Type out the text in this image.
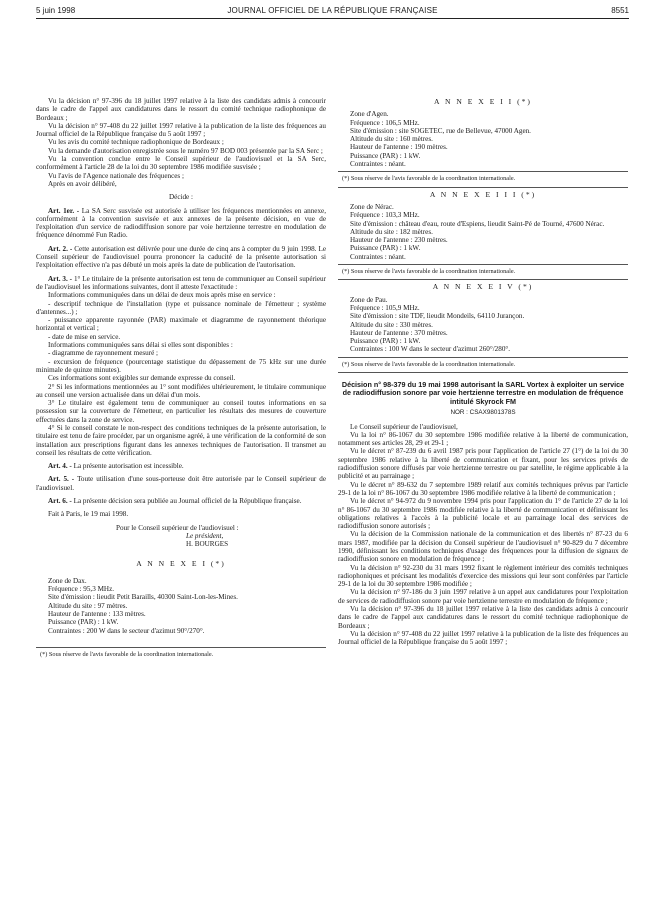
5 juin 1998	JOURNAL OFFICIEL DE LA RÉPUBLIQUE FRANÇAISE	8551

Vu la décision n° 97-396 du 18 juillet 1997 relative à la liste des candidats admis à concourir dans le cadre de l'appel aux candidatures dans le ressort du comité technique radiophonique de Bordeaux ;

Vu la décision n° 97-408 du 22 juillet 1997 relative à la publication de la liste des fréquences au Journal officiel de la République française du 5 août 1997 ;

Vu les avis du comité technique radiophonique de Bordeaux ;

Vu la demande d'autorisation enregistrée sous le numéro 97 BOD 003 présentée par la SA Serc ;

Vu la convention conclue entre le Conseil supérieur de l'audiovisuel et la SA Serc, conformément à l'article 28 de la loi du 30 septembre 1986 modifiée susvisée ;

Vu l'avis de l'Agence nationale des fréquences ;

Après en avoir délibéré,

Décide :

Art. 1er. - La SA Serc susvisée est autorisée à utiliser les fréquences mentionnées en annexe, conformément à la convention susvisée et aux annexes de la présente décision, en vue de l'exploitation d'un service de radiodiffusion sonore par voie hertzienne terrestre en modulation de fréquence dénommé Fun Radio.

Art. 2. - Cette autorisation est délivrée pour une durée de cinq ans à compter du 9 juin 1998. Le Conseil supérieur de l'audiovisuel pourra prononcer la caducité de la présente autorisation si l'exploitation effective n'a pas débuté un mois après la date de publication de l'autorisation.

Art. 3. - 1° Le titulaire de la présente autorisation est tenu de communiquer au Conseil supérieur de l'audiovisuel les informations suivantes, dont il atteste l'exactitude :

Informations communiquées dans un délai de deux mois après mise en service :

- descriptif technique de l'installation (type et puissance nominale de l'émetteur ; système d'antennes...) ;

- puissance apparente rayonnée (PAR) maximale et diagramme de rayonnement théorique horizontal et vertical ;

- date de mise en service.

Informations communiquées sans délai si elles sont disponibles :

- diagramme de rayonnement mesuré ;

- excursion de fréquence (pourcentage statistique du dépassement de 75 kHz sur une durée minimale de quinze minutes).

Ces informations sont exigibles sur demande expresse du conseil.

2° Si les informations mentionnées au 1° sont modifiées ultérieurement, le titulaire communique au conseil une version actualisée dans un délai d'un mois.

3° Le titulaire est également tenu de communiquer au conseil toutes informations en sa possession sur la couverture de l'émetteur, en particulier les résultats des mesures de couverture effectuées dans la zone de service.

4° Si le conseil constate le non-respect des conditions techniques de la présente autorisation, le titulaire est tenu de faire procéder, par un organisme agréé, à une vérification de la conformité de son installation aux prescriptions figurant dans les annexes techniques de l'autorisation. Il transmet au conseil les résultats de cette vérification.

Art. 4. - La présente autorisation est incessible.

Art. 5. - Toute utilisation d'une sous-porteuse doit être autorisée par le Conseil supérieur de l'audiovisuel.

Art. 6. - La présente décision sera publiée au Journal officiel de la République française.

Fait à Paris, le 19 mai 1998.

Pour le Conseil supérieur de l'audiovisuel :

Le président,

H. BOURGES

A N N E X E I (*)

Zone de Dax.

Fréquence : 95,3 MHz.

Site d'émission : lieudit Petit Baraills, 40300 Saint-Lon-les-Mines.

Altitude du site : 97 mètres.

Hauteur de l'antenne : 133 mètres.

Puissance (PAR) : 1 kW.

Contraintes : 200 W dans le secteur d'azimut 90°/270°.

(*) Sous réserve de l'avis favorable de la coordination internationale.

A N N E X E I I (*)

Zone d'Agen.

Fréquence : 106,5 MHz.

Site d'émission : site SOGETEC, rue de Bellevue, 47000 Agen.

Altitude du site : 160 mètres.

Hauteur de l'antenne : 190 mètres.

Puissance (PAR) : 1 kW.

Contraintes : néant.

(*) Sous réserve de l'avis favorable de la coordination internationale.

A N N E X E I I I (*)

Zone de Nérac.

Fréquence : 103,3 MHz.

Site d'émission : château d'eau, route d'Espiens, lieudit Saint-Pé de Tourné, 47600 Nérac.

Altitude du site : 182 mètres.

Hauteur de l'antenne : 230 mètres.

Puissance (PAR) : 1 kW.

Contraintes : néant.

(*) Sous réserve de l'avis favorable de la coordination internationale.

A N N E X E I V (*)

Zone de Pau.

Fréquence : 105,9 MHz.

Site d'émission : site TDF, lieudit Mondeils, 64110 Jurançon.

Altitude du site : 330 mètres.

Hauteur de l'antenne : 370 mètres.

Puissance (PAR) : 1 kW.

Contraintes : 100 W dans le secteur d'azimut 260°/280°.

(*) Sous réserve de l'avis favorable de la coordination internationale.

Décision n° 98-379 du 19 mai 1998 autorisant la SARL Vortex à exploiter un service de radiodiffusion sonore par voie hertzienne terrestre en modulation de fréquence intitulé Skyrock FM

NOR : CSAX9801378S

Le Conseil supérieur de l'audiovisuel,

Vu la loi n° 86-1067 du 30 septembre 1986 modifiée relative à la liberté de communication, notamment ses articles 28, 29 et 29-1 ;

Vu le décret n° 87-239 du 6 avril 1987 pris pour l'application de l'article 27 (1°) de la loi du 30 septembre 1986 relative à la liberté de communication et fixant, pour les services privés de radiodiffusion sonore diffusés par voie hertzienne terrestre ou par satellite, le régime applicable à la publicité et au parrainage ;

Vu le décret n° 89-632 du 7 septembre 1989 relatif aux comités techniques prévus par l'article 29-1 de la loi n° 86-1067 du 30 septembre 1986 modifiée relative à la liberté de communication ;

Vu le décret n° 94-972 du 9 novembre 1994 pris pour l'application du 1° de l'article 27 de la loi n° 86-1067 du 30 septembre 1986 modifiée relative à la liberté de communication et définissant les obligations relatives à l'accès à la publicité locale et au parrainage local des services de radiodiffusion sonore autorisés ;

Vu la décision de la Commission nationale de la communication et des libertés n° 87-23 du 6 mars 1987, modifiée par la décision du Conseil supérieur de l'audiovisuel n° 90-829 du 7 décembre 1990, définissant les conditions techniques d'usage des fréquences pour la diffusion de signaux de radiodiffusion sonore en modulation de fréquence ;

Vu la décision n° 92-230 du 31 mars 1992 fixant le règlement intérieur des comités techniques radiophoniques et précisant les modalités d'exercice des missions qui leur sont conférées par l'article 29-1 de la loi du 30 septembre 1986 modifiée ;

Vu la décision n° 97-186 du 3 juin 1997 relative à un appel aux candidatures pour l'exploitation de services de radiodiffusion sonore par voie hertzienne terrestre en modulation de fréquence ;

Vu la décision n° 97-396 du 18 juillet 1997 relative à la liste des candidats admis à concourir dans le cadre de l'appel aux candidatures dans le ressort du comité technique radiophonique de Bordeaux ;

Vu la décision n° 97-408 du 22 juillet 1997 relative à la publication de la liste des fréquences au Journal officiel de la République française du 5 août 1997 ;
